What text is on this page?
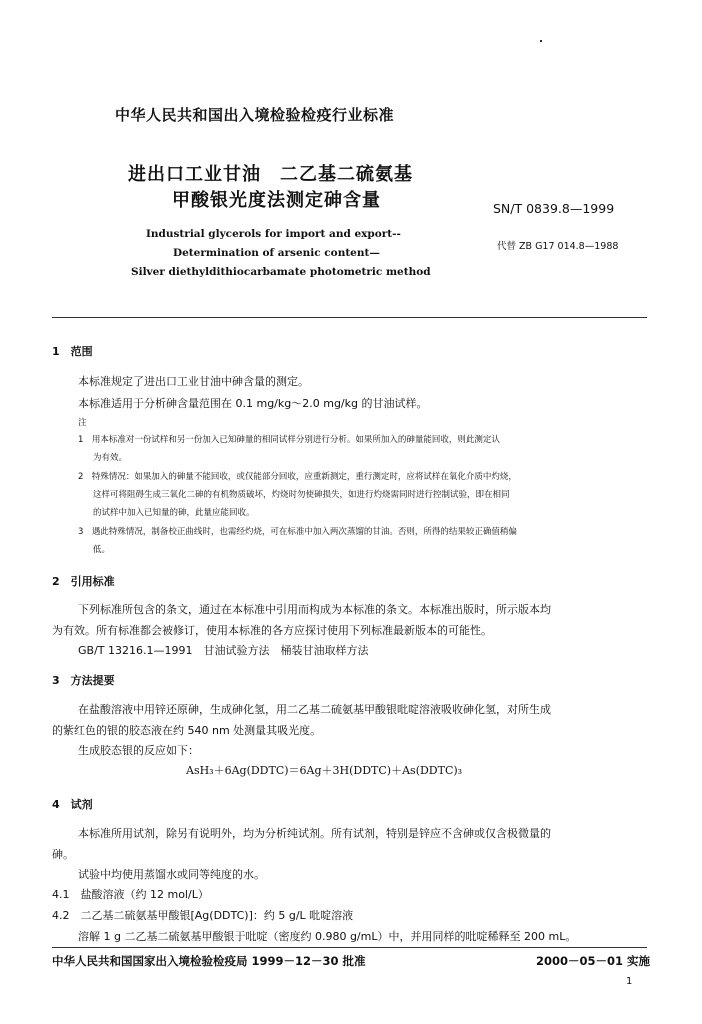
中华人民共和国出入境检验检疫行业标准
进出口工业甘油　二乙基二硫氨基
甲酸银光度法测定砷含量	SN/T 0839.8—1999
代替 ZB G17 014.8—1988
Industrial glycerols for import and export--
Determination of arsenic content—
Silver diethyldithiocarbamate photometric method
1　范围
本标准规定了进出口工业甘油中砷含量的测定。
本标准适用于分析砷含量范围在 0.1 mg/kg～2.0 mg/kg 的甘油试样。
注
1　用本标准对一份试样和另一份加入已知砷量的相同试样分别进行分析。如果所加入的砷量能回收，则此测定认
为有效。
2　特殊情况：如果加入的砷量不能回收，或仅能部分回收，应重新测定，重行测定时，应将试样在氧化介质中灼烧，
这样可将阻碍生成三氧化二砷的有机物质破坏，灼烧时勿使砷损失，如进行灼烧需同时进行控制试验，即在相同
的试样中加入已知量的砷，此量应能回收。
3　遇此特殊情况，制备校正曲线时，也需经灼烧，可在标准中加入两次蒸馏的甘油。否则，所得的结果较正确值稍偏
低。
2　引用标准
下列标准所包含的条文，通过在本标准中引用而构成为本标准的条文。本标准出版时，所示版本均
为有效。所有标准都会被修订，使用本标准的各方应探讨使用下列标准最新版本的可能性。
GB/T 13216.1—1991　甘油试验方法　桶装甘油取样方法
3　方法提要
在盐酸溶液中用锌还原砷，生成砷化氢，用二乙基二硫氨基甲酸银吡啶溶液吸收砷化氢，对所生成
的紫红色的银的胶态液在约 540 nm 处测量其吸光度。
生成胶态银的反应如下：
AsH₃＋6Ag(DDTC)＝6Ag＋3H(DDTC)＋As(DDTC)₃
4　试剂
本标准所用试剂，除另有说明外，均为分析纯试剂。所有试剂，特别是锌应不含砷或仅含极微量的
砷。
试验中均使用蒸馏水或同等纯度的水。
4.1　盐酸溶液（约 12 mol/L）
4.2　二乙基二硫氨基甲酸银[Ag(DDTC)]：约 5 g/L 吡啶溶液
溶解 1 g 二乙基二硫氨基甲酸银于吡啶（密度约 0.980 g/mL）中，并用同样的吡啶稀释至 200 mL。
中华人民共和国国家出入境检验检疫局 1999－12－30 批准	2000－05－01 实施
1
